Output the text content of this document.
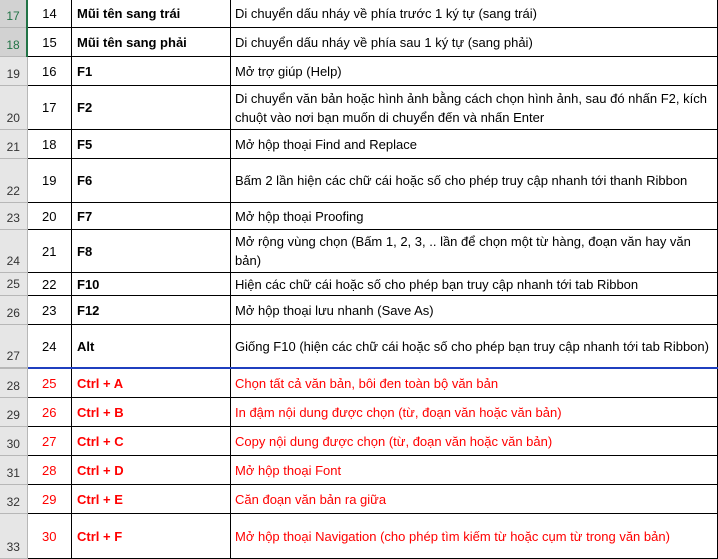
17	14	Mũi tên sang trái	Di chuyển dấu nháy về phía trước 1 ký tự (sang trái)
18	15	Mũi tên sang phải	Di chuyển dấu nháy về phía sau 1 ký tự (sang phải)
19	16	F1	Mở trợ giúp (Help)
20	17	F2	Di chuyển văn bản hoặc hình ảnh bằng cách chọn hình ảnh, sau đó nhấn F2, kích chuột vào nơi bạn muốn di chuyển đến và nhấn Enter
21	18	F5	Mở hộp thoại Find and Replace
22	19	F6	Bấm 2 lần hiện các chữ cái hoặc số cho phép truy cập nhanh tới thanh Ribbon
23	20	F7	Mở hộp thoại Proofing
24	21	F8	Mở rộng vùng chọn (Bấm 1, 2, 3, .. lần để chọn một từ hàng, đoạn văn hay văn bản)
25	22	F10	Hiện các chữ cái hoặc số cho phép bạn truy cập nhanh tới tab Ribbon
26	23	F12	Mở hộp thoại lưu nhanh (Save As)
27	24	Alt	Giống F10 (hiện các chữ cái hoặc số cho phép bạn truy cập nhanh tới tab Ribbon)
28	25	Ctrl + A	Chọn tất cả văn bản, bôi đen toàn bộ văn bản
29	26	Ctrl + B	In đậm nội dung được chọn (từ, đoạn văn hoặc văn bản)
30	27	Ctrl + C	Copy nội dung được chọn (từ, đoạn văn hoặc văn bản)
31	28	Ctrl + D	Mở hộp thoại Font
32	29	Ctrl + E	Căn đoạn văn bản ra giữa
33	30	Ctrl + F	Mở hộp thoại Navigation (cho phép tìm kiếm từ hoặc cụm từ trong văn bản)
